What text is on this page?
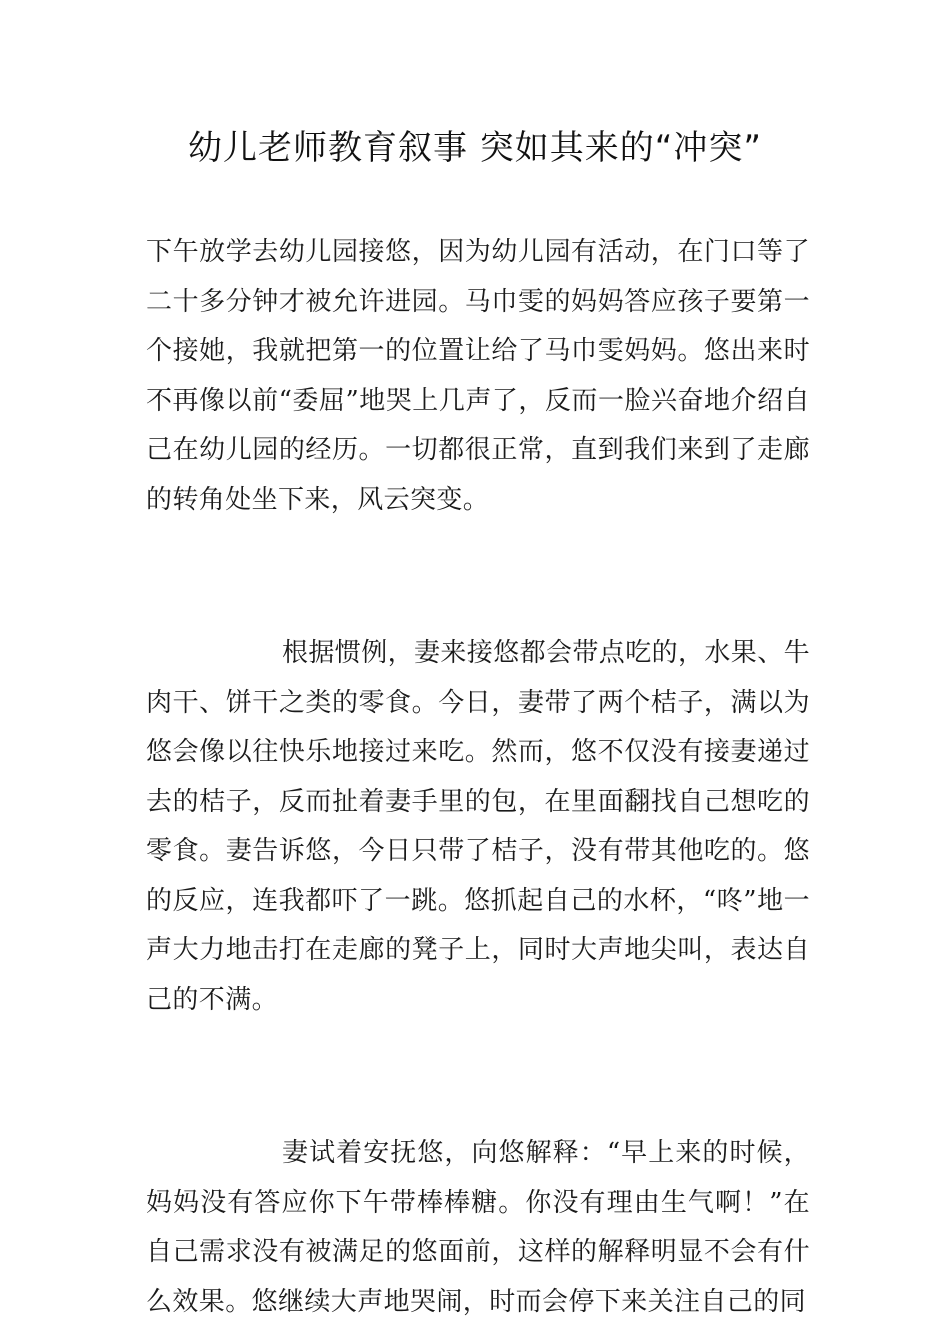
幼儿老师教育叙事 突如其来的“冲突”

下午放学去幼儿园接悠，因为幼儿园有活动，在门口等了二十多分钟才被允许进园。马巾雯的妈妈答应孩子要第一个接她，我就把第一的位置让给了马巾雯妈妈。悠出来时不再像以前“委屈”地哭上几声了，反而一脸兴奋地介绍自己在幼儿园的经历。一切都很正常，直到我们来到了走廊的转角处坐下来，风云突变。

根据惯例，妻来接悠都会带点吃的，水果、牛肉干、饼干之类的零食。今日，妻带了两个桔子，满以为悠会像以往快乐地接过来吃。然而，悠不仅没有接妻递过去的桔子，反而扯着妻手里的包，在里面翻找自己想吃的零食。妻告诉悠，今日只带了桔子，没有带其他吃的。悠的反应，连我都吓了一跳。悠抓起自己的水杯，“咚”地一声大力地击打在走廊的凳子上，同时大声地尖叫，表达自己的不满。

妻试着安抚悠，向悠解释：“早上来的时候，妈妈没有答应你下午带棒棒糖。你没有理由生气啊！”在自己需求没有被满足的悠面前，这样的解释明显不会有什么效果。悠继续大声地哭闹，时而会停下来关注自己的同
